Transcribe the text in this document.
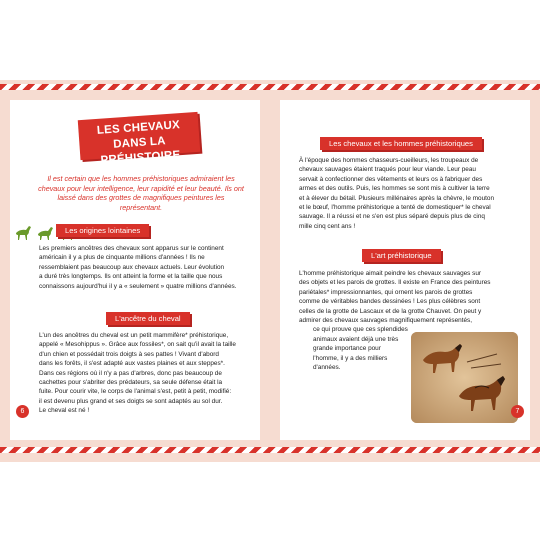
LES CHEVAUX
DANS LA PRÉHISTOIRE
Il est certain que les hommes préhistoriques admiraient les chevaux pour leur intelligence, leur rapidité et leur beauté. Ils ont laissé dans des grottes de magnifiques peintures les représentant.
Les origines lointaines
Les premiers ancêtres des chevaux sont apparus sur le continent
américain il y a plus de cinquante millions d'années ! Ils ne
ressemblaient pas beaucoup aux chevaux actuels. Leur évolution
a duré très longtemps. Ils ont atteint la forme et la taille que nous
connaissons aujourd'hui il y a « seulement » quatre millions d'années.
L'ancêtre du cheval
L'un des ancêtres du cheval est un petit mammifère* préhistorique,
appelé « Mesohippus ». Grâce aux fossiles*, on sait qu'il avait la taille
d'un chien et possédait trois doigts à ses pattes ! Vivant d'abord
dans les forêts, il s'est adapté aux vastes plaines et aux steppes*.
Dans ces régions où il n'y a pas d'arbres, donc pas beaucoup de
cachettes pour s'abriter des prédateurs, sa seule défense était la
fuite. Pour courir vite, le corps de l'animal s'est, petit à petit, modifié:
il est devenu plus grand et ses doigts se sont adaptés au sol dur.
Le cheval est né !
Les chevaux et les hommes préhistoriques
À l'époque des hommes chasseurs-cueilleurs, les troupeaux de
chevaux sauvages étaient traqués pour leur viande. Leur peau
servait à confectionner des vêtements et leurs os à fabriquer des
armes et des outils. Puis, les hommes se sont mis à cultiver la terre
et à élever du bétail. Plusieurs millénaires après la chèvre, le mouton
et le bœuf, l'homme préhistorique a tenté de domestiquer* le cheval
sauvage. Il a réussi et ne s'en est plus séparé depuis plus de cinq
mille cinq cent ans !
L'art préhistorique
L'homme préhistorique aimait peindre les chevaux sauvages sur
des objets et les parois de grottes. Il existe en France des peintures
pariétales* impressionnantes, qui ornent les parois de grottes
comme de véritables bandes dessinées ! Les plus célèbres sont
celles de la grotte de Lascaux et de la grotte Chauvet. On peut y
admirer des chevaux sauvages magnifiquement représentés,
ce qui prouve que ces splendides
animaux avaient déjà une très
grande importance pour
l'homme, il y a des milliers
d'années.
6	7
